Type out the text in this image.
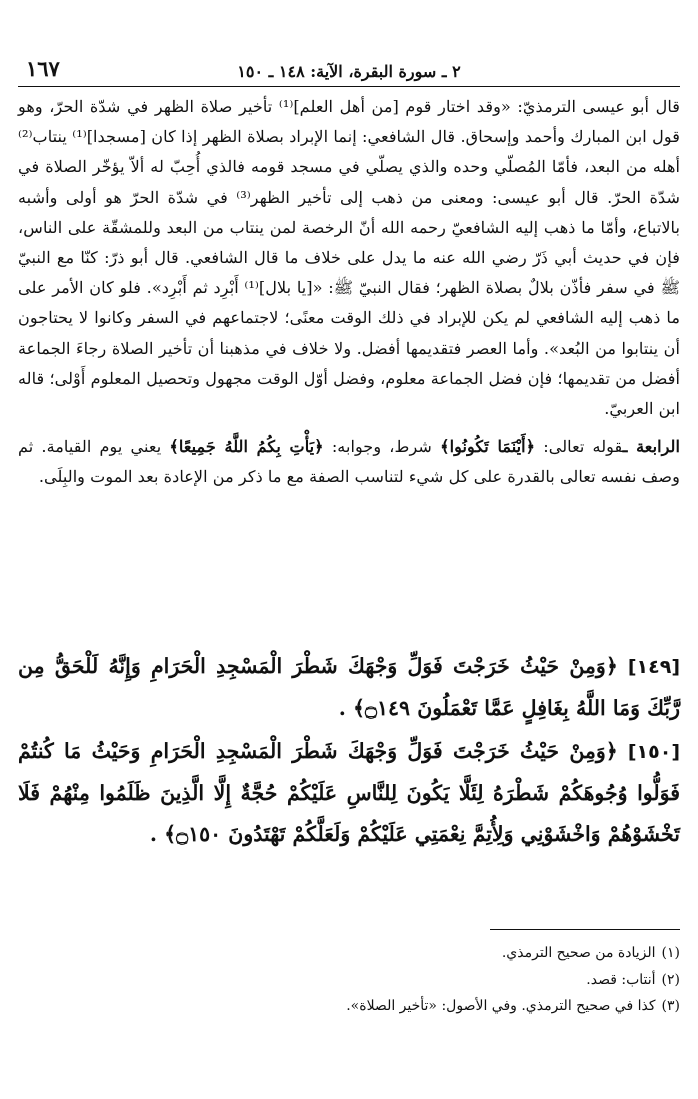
١٦٧	٢ ـ سورة البقرة، الآية: ١٤٨ ـ ١٥٠

قال أبو عيسى الترمذيّ: «وقد اختار قوم [من أهل العلم]⁽¹⁾ تأخير صلاة الظهر في شدّة الحرّ، وهو قول ابن المبارك وأحمد وإسحاق. قال الشافعي: إنما الإبراد بصلاة الظهر إذا كان [مسجدا]⁽¹⁾ ينتاب⁽²⁾ أهله من البعد، فأمّا المُصلّي وحده والذي يصلّي في مسجد قومه فالذي أُحِبّ له ألاّ يؤخّر الصلاة في شدّة الحرّ. قال أبو عيسى: ومعنى من ذهب إلى تأخير الظهر⁽³⁾ في شدّة الحرّ هو أولى وأشبه بالاتباع، وأمّا ما ذهب إليه الشافعيّ رحمه الله أنّ الرخصة لمن ينتاب من البعد وللمشقّة على الناس، فإن في حديث أبي ذَرّ رضي الله عنه ما يدل على خلاف ما قال الشافعي. قال أبو ذرّ: كنّا مع النبيّ ﷺ في سفر فأذّن بلالٌ بصلاة الظهر؛ فقال النبيّ ﷺ: «[يا بلال]⁽¹⁾ أَبْرِد ثم أَبْرِد». فلو كان الأمر على ما ذهب إليه الشافعي لم يكن للإبراد في ذلك الوقت معنًى؛ لاجتماعهم في السفر وكانوا لا يحتاجون أن ينتابوا من البُعد». وأما العصر فتقديمها أفضل. ولا خلاف في مذهبنا أن تأخير الصلاة رجاءَ الجماعة أفضل من تقديمها؛ فإن فضل الجماعة معلوم، وفضل أوّل الوقت مجهول وتحصيل المعلوم أَوْلى؛ قاله ابن العربيّ.

الرابعة ـقوله تعالى: ﴿أَيْنَمَا تَكُونُوا﴾ شرط، وجوابه: ﴿يَأْتِ بِكُمُ اللَّهُ جَمِيعًا﴾ يعني يوم القيامة. ثم وصف نفسه تعالى بالقدرة على كل شيء لتناسب الصفة مع ما ذكر من الإعادة بعد الموت والبِلَى.

[١٤٩]﴿وَمِنْ حَيْثُ خَرَجْتَ فَوَلِّ وَجْهَكَ شَطْرَ الْمَسْجِدِ الْحَرَامِ وَإِنَّهُ لَلْحَقُّ مِن رَّبِّكَ وَمَا اللَّهُ بِغَافِلٍ عَمَّا تَعْمَلُونَ ۝١٤٩﴾ .

[١٥٠]﴿وَمِنْ حَيْثُ خَرَجْتَ فَوَلِّ وَجْهَكَ شَطْرَ الْمَسْجِدِ الْحَرَامِ وَحَيْثُ مَا كُنتُمْ فَوَلُّوا وُجُوهَكُمْ شَطْرَهُ لِئَلَّا يَكُونَ لِلنَّاسِ عَلَيْكُمْ حُجَّةٌ إِلَّا الَّذِينَ ظَلَمُوا مِنْهُمْ فَلَا تَخْشَوْهُمْ وَاخْشَوْنِي وَلِأُتِمَّ نِعْمَتِي عَلَيْكُمْ وَلَعَلَّكُمْ تَهْتَدُونَ ۝١٥٠﴾ .

(١)الزيادة من صحيح الترمذي.

(٢)أنتاب: قصد.

(٣)كذا في صحيح الترمذي. وفي الأصول: «تأخير الصلاة».
